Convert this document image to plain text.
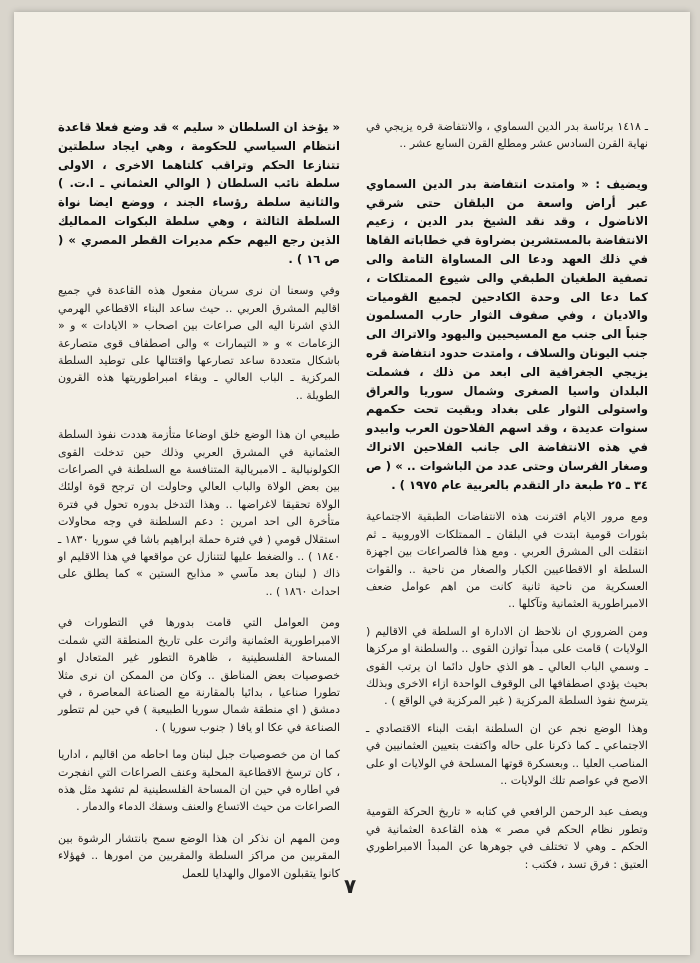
ـ ١٤١٨ برئاسة بدر الدين السماوي ، والانتفاضة قره يزيجي في نهاية القرن السادس عشر ومطلع القرن السابع عشر ..

ويضيف : « وامتدت انتفاضة بدر الدين السماوي عبر أراض واسعة من البلقان حتى شرقي الاناضول ، وقد نقد الشيخ بدر الدين ، زعيم الانتفاضة بالمستشرين بضراوة في خطاباته القاها في ذلك العهد ودعا الى المساواة التامة والى تصفية الطغيان الطبقي والى شيوع الممتلكات ، كما دعا الى وحدة الكادحين لجميع القوميات والاديان ، وفي صفوف الثوار حارب المسلمون جنباً الى جنب مع المسيحيين واليهود والاتراك الى جنب اليونان والسلاف ، وامتدت حدود انتفاضة قره يزيجي الجغرافية الى ابعد من ذلك ، فشملت البلدان واسيا الصغرى وشمال سوريا والعراق واستولى الثوار على بغداد وبقيت تحت حكمهم سنوات عديدة ، وقد اسهم الفلاحون العرب وابيدو في هذه الانتفاضة الى جانب الفلاحين الاتراك وصغار الفرسان وحتى عدد من الباشوات .. » ( ص ٣٤ ـ ٢٥ طبعة دار التقدم بالعربية عام ١٩٧٥ ) .

ومع مرور الايام اقترنت هذه الانتفاضات الطبقية الاجتماعية بثورات قومية ابتدت في البلقان ـ الممتلكات الاوروبية ـ ثم انتقلت الى المشرق العربي . ومع هذا فالصراعات بين اجهزة السلطة او الاقطاعيين الكبار والصغار من ناحية .. والقوات العسكرية من ناحية ثانية كانت من اهم عوامل ضعف الامبراطورية العثمانية وتآكلها ..

ومن الضروري ان نلاحظ ان الادارة او السلطة في الاقاليم ( الولايات ) قامت على مبدأ توازن القوى .. والسلطنة او مركزها ـ وسمي الباب العالي ـ هو الذي حاول دائما ان يرتب القوى بحيث يؤدي اصطفافها الى الوقوف الواحدة ازاء الاخرى وبذلك يترسخ نفوذ السلطة المركزية ( غير المركزية في الواقع ) .

وهذا الوضع نجم عن ان السلطنة ابقت البناء الاقتصادي ـ الاجتماعي ـ كما ذكرنا على حاله واكتفت بتعيين العثمانيين في المناصب العليا .. وبعسكرة قوتها المسلحة في الولايات او على الاصح في عواصم تلك الولايات ..

ويصف عبد الرحمن الرافعي في كتابه « تاريخ الحركة القومية وتطور نظام الحكم في مصر » هذه القاعدة العثمانية في الحكم ـ وهي لا تختلف في جوهرها عن المبدأ الامبراطوري العتيق : فرق تسد ، فكتب :

« يؤخذ ان السلطان « سليم » قد وضع فعلا قاعدة انتظام السياسي للحكومة ، وهي ايجاد سلطتين تتنازعا الحكم وتراقب كلتاهما الاخرى ، الاولى سلطة نائب السلطان ( الوالي العثماني ـ ا.ت. ) والثانية سلطة رؤساء الجند ، ووضع ايضا نواة السلطة الثالثة ، وهي سلطة البكوات المماليك الذين رجع اليهم حكم مديرات القطر المصري » ( ص ١٦ ) .

وفي وسعنا ان نرى سريان مفعول هذه القاعدة في جميع اقاليم المشرق العربي .. حيث ساعد البناء الاقطاعي الهرمي الذي اشرنا اليه الى صراعات بين اصحاب « الايادات » و « الزعامات » و « التيمارات » والى اصطفاف قوى متصارعة باشكال متعددة ساعد تصارعها واقتتالها على توطيد السلطة المركزية ـ الباب العالي ـ وبقاء امبراطوريتها هذه القرون الطويلة ..

طبيعي ان هذا الوضع خلق اوضاعا متأزمة هددت نفوذ السلطة العثمانية في المشرق العربي وذلك حين تدخلت القوى الكولونيالية ـ الامبريالية المتنافسة مع السلطنة في الصراعات بين بعض الولاة والباب العالي وحاولت ان ترجح قوة اولئك الولاة تحقيقا لاغراضها .. وهذا التدخل بدوره تحول في فترة متأخرة الى احد امرين : دعم السلطنة في وجه محاولات استقلال قومي ( في فترة حملة ابراهيم باشا في سوريا ١٨٣٠ ـ ١٨٤٠ ) .. والضغط عليها لتتنازل عن مواقعها في هذا الاقليم او ذاك ( لبنان بعد مآسي « مذابح الستين » كما يطلق على احداث ١٨٦٠ ) ..

ومن العوامل التي قامت بدورها في التطورات في الامبراطورية العثمانية واثرت على تاريخ المنطقة التي شملت المساحة الفلسطينية ، ظاهرة التطور غير المتعادل او خصوصيات بعض المناطق .. وكان من الممكن ان نرى مثلا تطورا صناعيا ، بدائيا بالمقارنة مع الصناعة المعاصرة ، في دمشق ( اي منطقة شمال سوريا الطبيعية ) في حين لم تتطور الصناعة في عكا او يافا ( جنوب سوريا ) .

كما ان من خصوصيات جبل لبنان وما احاطه من اقاليم ، اداريا ، كان ترسخ الاقطاعية المحلية وعنف الصراعات التي انفجرت في اطاره في حين ان المساحة الفلسطينية لم تشهد مثل هذه الصراعات من حيث الاتساع والعنف وسفك الدماء والدمار .

ومن المهم ان نذكر ان هذا الوضع سمح بانتشار الرشوة بين المقربين من مراكز السلطة والمقربين من امورها .. فهؤلاء كانوا يتقبلون الاموال والهدايا للعمل

٧
